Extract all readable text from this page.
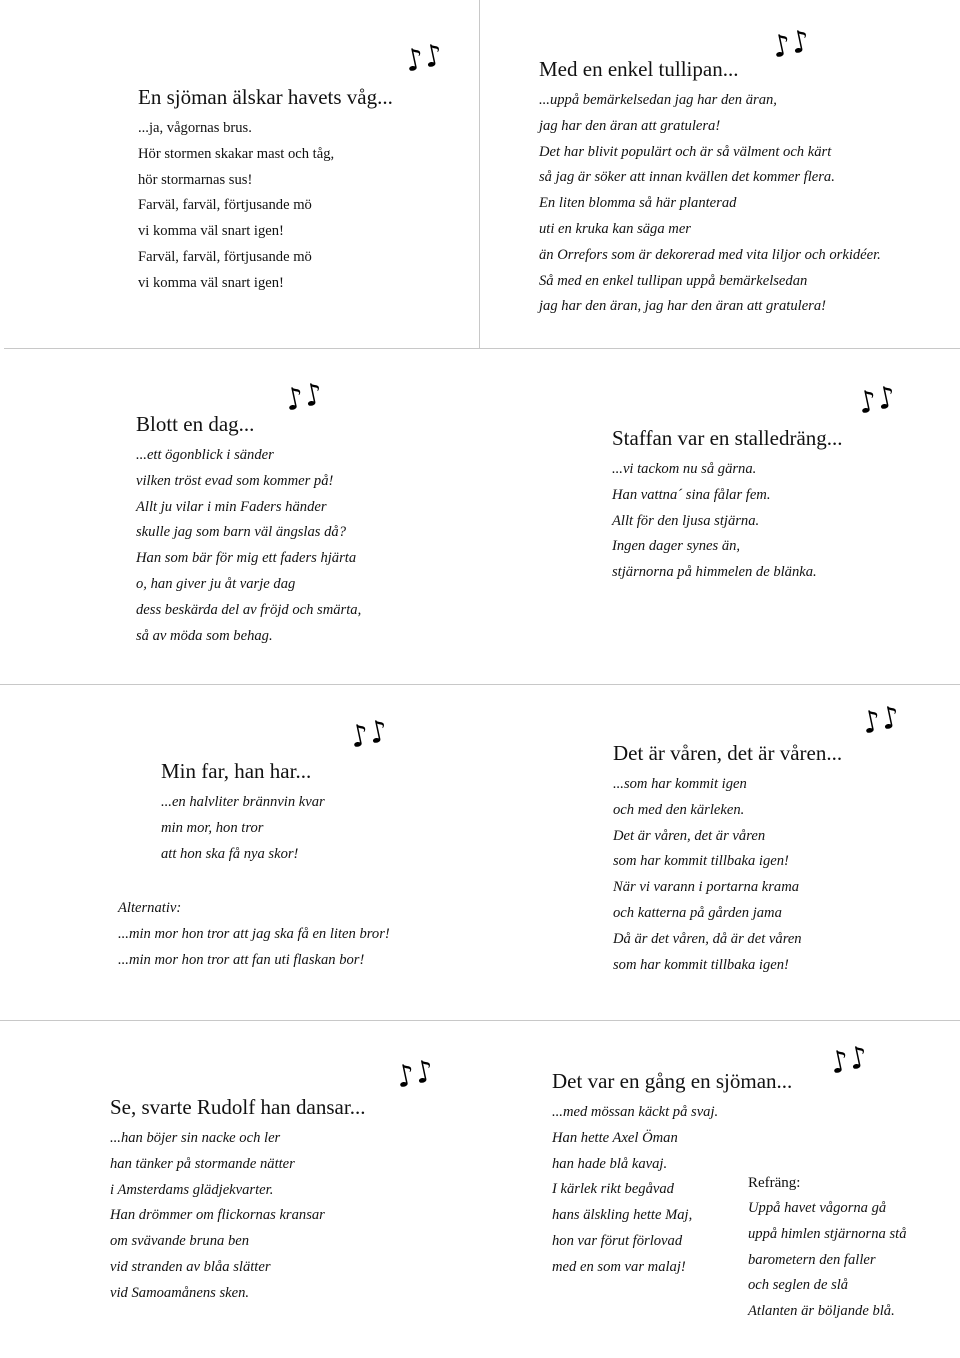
En sjöman älskar havets våg...
...ja, vågornas brus.
Hör stormen skakar mast och tåg,
hör stormarnas sus!
Farväl, farväl, förtjusande mö
vi komma väl snart igen!
Farväl, farväl, förtjusande mö
vi komma väl snart igen!
♪♪	Med en enkel tullipan...
...uppå bemärkelsedan jag har den äran,
jag har den äran att gratulera!
Det har blivit populärt och är så välment och kärt
så jag är söker att innan kvällen det kommer flera.
En liten blomma så här planterad
uti en kruka kan säga mer
än Orrefors som är dekorerad med vita liljor och orkidéer.
Så med en enkel tullipan uppå bemärkelsedan
jag har den äran, jag har den äran att gratulera!
♪♪
Blott en dag...
...ett ögonblick i sänder
vilken tröst evad som kommer på!
Allt ju vilar i min Faders händer
skulle jag som barn väl ängslas då?
Han som bär för mig ett faders hjärta
o, han giver ju åt varje dag
dess beskärda del av fröjd och smärta,
så av möda som behag.
♪♪
Staffan var en stalledräng...
...vi tackom nu så gärna.
Han vattna´ sina fålar fem.
Allt för den ljusa stjärna.
Ingen dager synes än,
stjärnorna på himmelen de blänka.
♪♪
Min far, han har...
...en halvliter brännvin kvar
min mor, hon tror
att hon ska få nya skor!
Alternativ:
...min mor hon tror att jag ska få en liten bror!
...min mor hon tror att fan uti flaskan bor!
♪♪	Det är våren, det är våren...
...som har kommit igen
och med den kärleken.
Det är våren, det är våren
som har kommit tillbaka igen!
När vi varann i portarna krama
och katterna på gården jama
Då är det våren, då är det våren
som har kommit tillbaka igen!
♪♪
Se, svarte Rudolf han dansar...
...han böjer sin nacke och ler
han tänker på stormande nätter
i Amsterdams glädjekvarter.
Han drömmer om flickornas kransar
om svävande bruna ben
vid stranden av blåa slätter
vid Samoamånens sken.
♪♪	Det var en gång en sjöman...
...med mössan käckt på svaj.
Han hette Axel Öman
han hade blå kavaj.
I kärlek rikt begåvad
hans älskling hette Maj,
hon var förut förlovad
med en som var malaj!
Refräng:
Uppå havet vågorna gå
uppå himlen stjärnorna stå
barometern den faller
och seglen de slå
Atlanten är böljande blå.
♪♪
